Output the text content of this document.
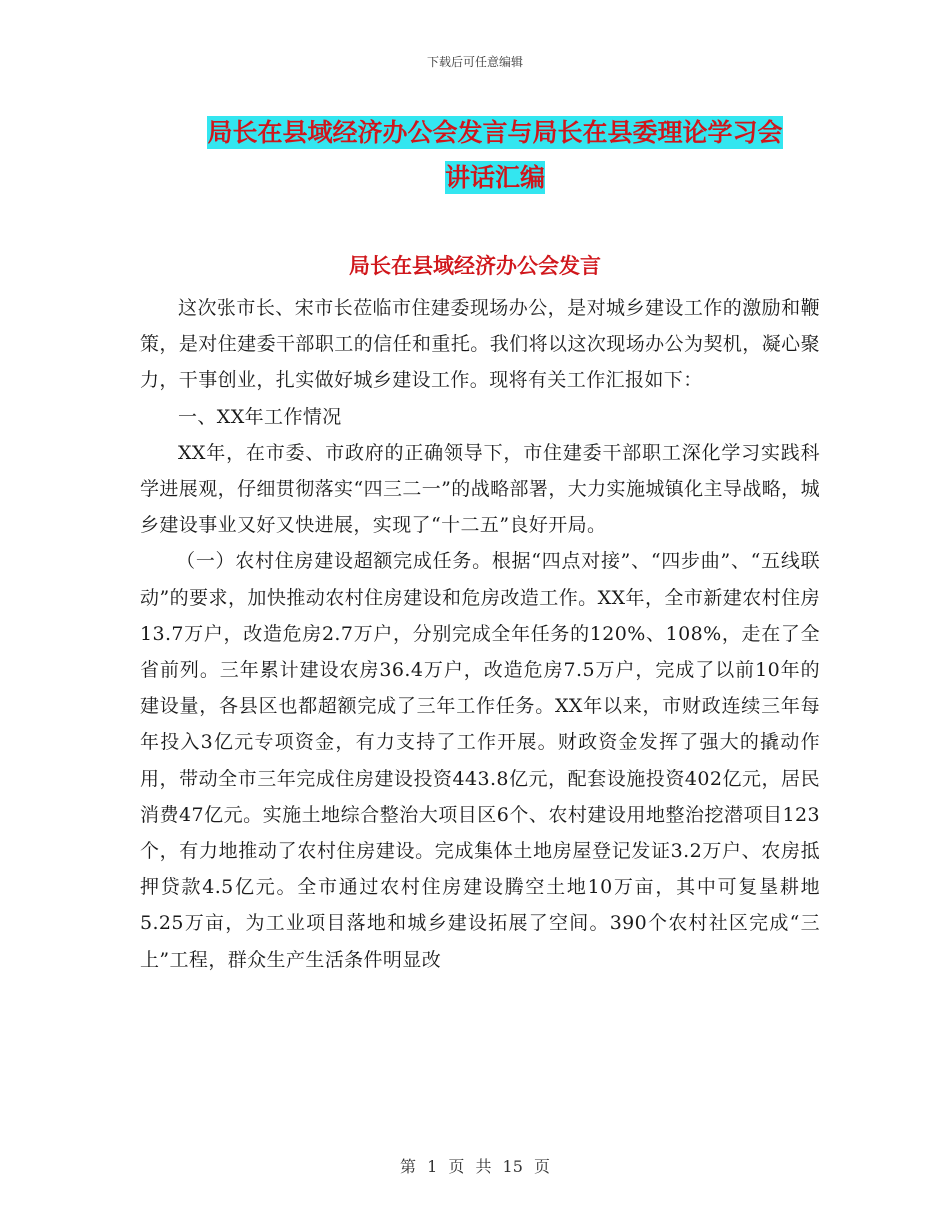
下载后可任意编辑
局长在县域经济办公会发言与局长在县委理论学习会
讲话汇编
局长在县域经济办公会发言

这次张市长、宋市长莅临市住建委现场办公，是对城乡建设工作的激励和鞭策，是对住建委干部职工的信任和重托。我们将以这次现场办公为契机，凝心聚力，干事创业，扎实做好城乡建设工作。现将有关工作汇报如下：

一、XX年工作情况

XX年，在市委、市政府的正确领导下，市住建委干部职工深化学习实践科学进展观，仔细贯彻落实“四三二一”的战略部署，大力实施城镇化主导战略，城乡建设事业又好又快进展，实现了“十二五”良好开局。

（一）农村住房建设超额完成任务。根据“四点对接”、“四步曲”、“五线联动”的要求，加快推动农村住房建设和危房改造工作。XX年，全市新建农村住房13.7万户，改造危房2.7万户，分别完成全年任务的120%、108%，走在了全省前列。三年累计建设农房36.4万户，改造危房7.5万户，完成了以前10年的建设量，各县区也都超额完成了三年工作任务。XX年以来，市财政连续三年每年投入3亿元专项资金，有力支持了工作开展。财政资金发挥了强大的撬动作用，带动全市三年完成住房建设投资443.8亿元，配套设施投资402亿元，居民消费47亿元。实施土地综合整治大项目区6个、农村建设用地整治挖潜项目123个，有力地推动了农村住房建设。完成集体土地房屋登记发证3.2万户、农房抵押贷款4.5亿元。全市通过农村住房建设腾空土地10万亩，其中可复垦耕地5.25万亩，为工业项目落地和城乡建设拓展了空间。390个农村社区完成“三上”工程，群众生产生活条件明显改

第 1 页 共 15 页
